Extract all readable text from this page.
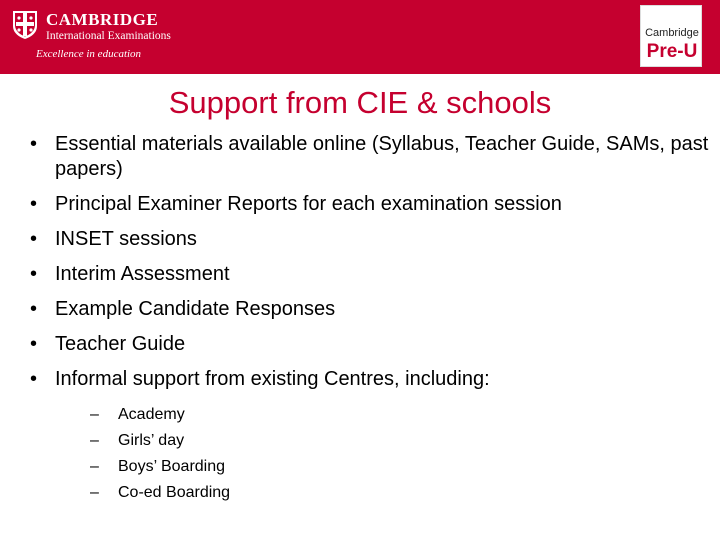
CAMBRIDGE
International Examinations
Excellence in education
Cambridge
Pre-U
Support from CIE & schools
• Essential materials available online (Syllabus, Teacher Guide, SAMs, past papers)
• Principal Examiner Reports for each examination session
• INSET sessions
• Interim Assessment
• Example Candidate Responses
• Teacher Guide
• Informal support from existing Centres, including:
– Academy
– Girls’ day
– Boys’ Boarding
– Co-ed Boarding
